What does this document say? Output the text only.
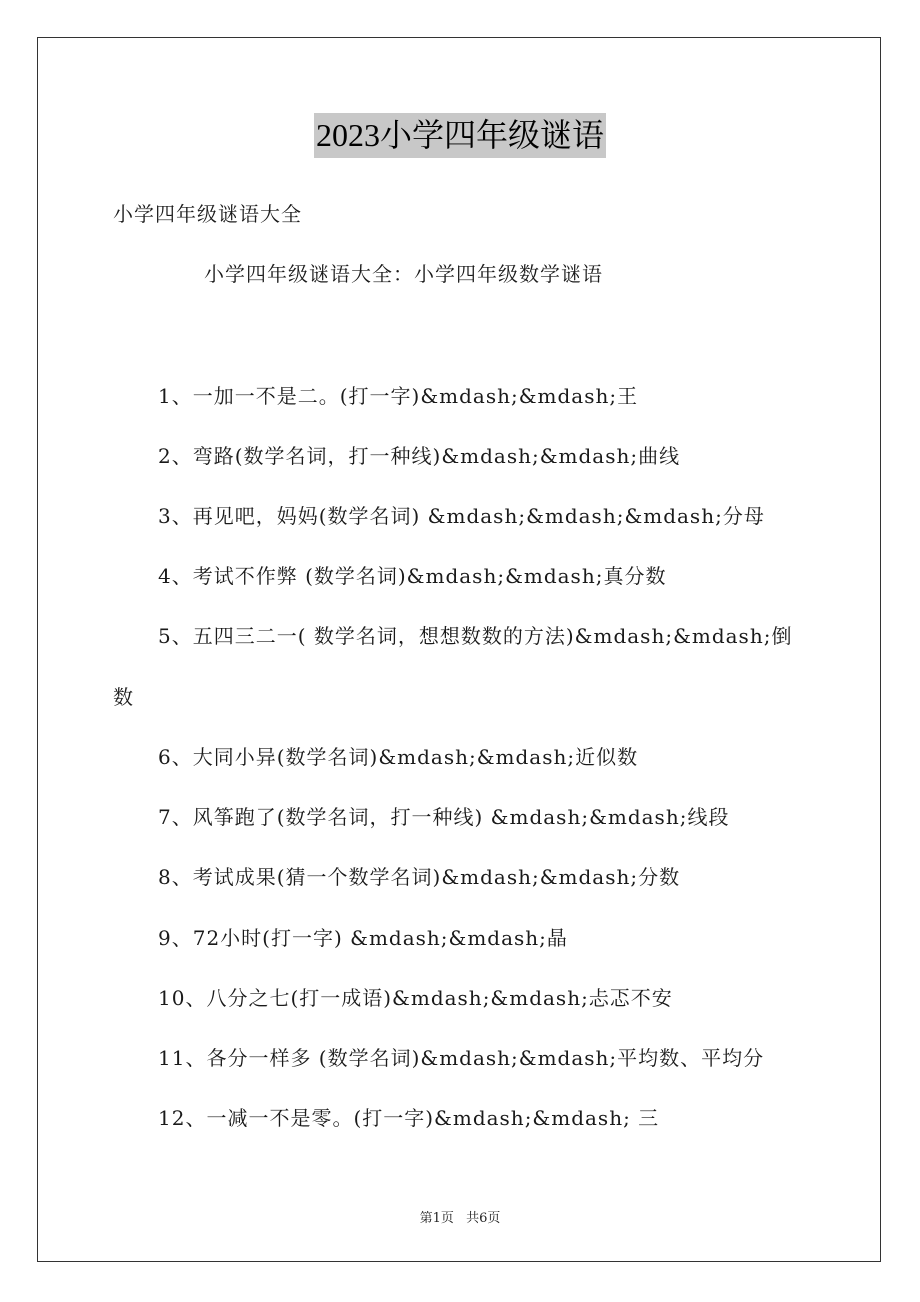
2023小学四年级谜语
小学四年级谜语大全
小学四年级谜语大全：小学四年级数学谜语
1、一加一不是二。(打一字)&mdash;&mdash;王
2、弯路(数学名词，打一种线)&mdash;&mdash;曲线
3、再见吧，妈妈(数学名词) &mdash;&mdash;&mdash;分母
4、考试不作弊 (数学名词)&mdash;&mdash;真分数
5、五四三二一( 数学名词，想想数数的方法)&mdash;&mdash;倒
数
6、大同小异(数学名词)&mdash;&mdash;近似数
7、风筝跑了(数学名词，打一种线) &mdash;&mdash;线段
8、考试成果(猜一个数学名词)&mdash;&mdash;分数
9、72小时(打一字) &mdash;&mdash;晶
10、八分之七(打一成语)&mdash;&mdash;忐忑不安
11、各分一样多 (数学名词)&mdash;&mdash;平均数、平均分
12、一减一不是零。(打一字)&mdash;&mdash; 三
第1页 共6页
